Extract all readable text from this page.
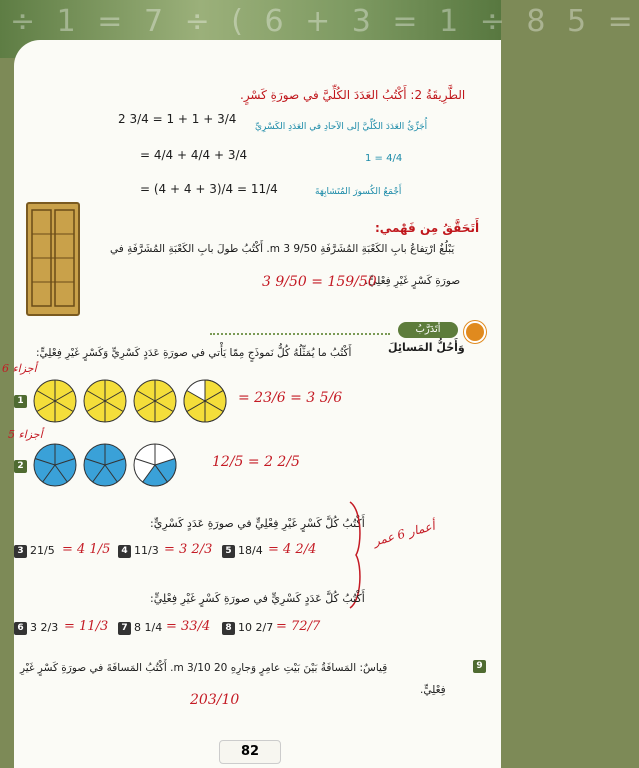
÷ 1 = 7 ÷ ( 6 + 3 = 1 ÷ 8 5 =
الطَّرِيقَةُ 2: أَكْتُبُ العَدَدَ الكُلِّيَّ في صورَةِ كَسْرٍ.
2 3/4 = 1 + 1 + 3/4
أُجَزِّئُ العَدَدَ الكُلِّيَّ إلى الآحادِ في العَدَدِ الكَسْرِيِّ
= 4/4 + 4/4 + 3/4	1 = 4/4
= (4 + 4 + 3)/4 = 11/4	أَجْمَعُ الكُسورَ المُتَشابِهَةَ
أَتَحَقَّقُ مِن فَهْمي:
يَبْلُغُ ارْتِفاعُ بابِ الكَعْبَةِ المُشَرَّفَةِ 9/50 3 m. أَكْتُبُ طولَ بابِ الكَعْبَةِ المُشَرَّفَةِ في
صورَةِ كَسْرٍ غَيْرِ فِعْلِيٍّ.
3 9/50 = 159/50
أَتَدَرَّبُ
وَأَحُلُّ المَسائِلَ
أَكْتُبُ ما يُمَثِّلُهُ كُلُّ نَموذَجٍ مِمّا يَأْتي في صورَةِ عَدَدٍ كَسْرِيٍّ وَكَسْرٍ غَيْرِ فِعْلِيٍّ:
1
6 أجزاء
= 23/6 = 3 5/6
2
5 أجزاء
12/5 = 2 2/5
أَكْتُبُ كُلَّ كَسْرٍ غَيْرِ فِعْلِيٍّ في صورَةِ عَدَدٍ كَسْرِيٍّ:
3 21/5 = 4 1/5	4 11/3 = 3 2/3	5 18/4 = 4 2/4
أعمار 6 عمر
أَكْتُبُ كُلَّ عَدَدٍ كَسْرِيٍّ في صورَةِ كَسْرٍ غَيْرِ فِعْلِيٍّ:
6 3 2/3 = 11/3	7 8 1/4 = 33/4	8 10 2/7 = 72/7
9
قِياسٌ: المَسافَةُ بَيْنَ بَيْتِ عامِرٍ وَجارِهِ 20 3/10 m. أَكْتُبُ المَسافَةَ في صورَةِ كَسْرٍ غَيْرِ
فِعْلِيٍّ.
203/10
82
